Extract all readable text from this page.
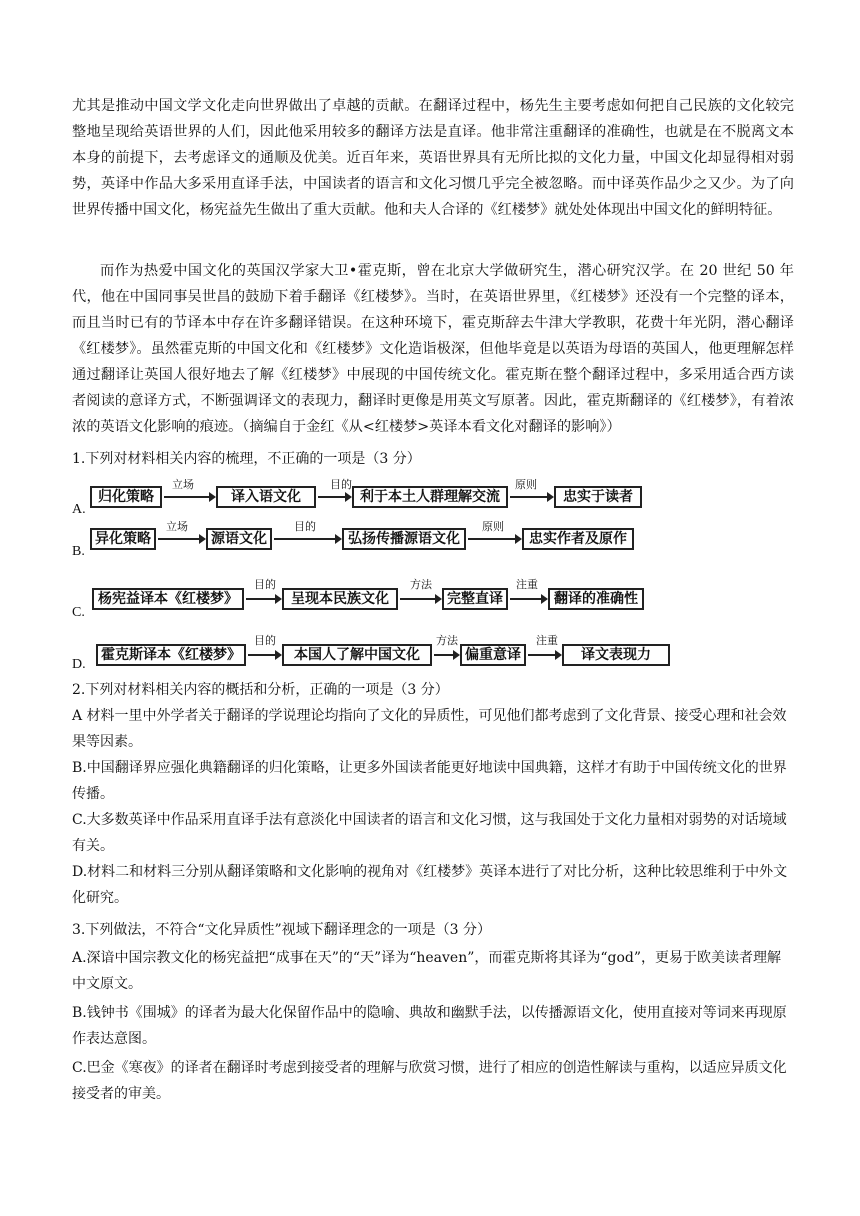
尤其是推动中国文学文化走向世界做出了卓越的贡献。在翻译过程中，杨先生主要考虑如何把自己民族的文化较完整地呈现给英语世界的人们，因此他采用较多的翻译方法是直译。他非常注重翻译的准确性，也就是在不脱离文本本身的前提下，去考虑译文的通顺及优美。近百年来，英语世界具有无所比拟的文化力量，中国文化却显得相对弱势，英译中作品大多采用直译手法，中国读者的语言和文化习惯几乎完全被忽略。而中译英作品少之又少。为了向世界传播中国文化，杨宪益先生做出了重大贡献。他和夫人合译的《红楼梦》就处处体现出中国文化的鲜明特征。
而作为热爱中国文化的英国汉学家大卫•霍克斯，曾在北京大学做研究生，潜心研究汉学。在 20 世纪 50 年代，他在中国同事吴世昌的鼓励下着手翻译《红楼梦》。当时，在英语世界里，《红楼梦》还没有一个完整的译本，而且当时已有的节译本中存在许多翻译错误。在这种环境下，霍克斯辞去牛津大学教职，花费十年光阴，潜心翻译《红楼梦》。虽然霍克斯的中国文化和《红楼梦》文化造诣极深，但他毕竟是以英语为母语的英国人，他更理解怎样通过翻译让英国人很好地去了解《红楼梦》中展现的中国传统文化。霍克斯在整个翻译过程中，多采用适合西方读者阅读的意译方式，不断强调译文的表现力，翻译时更像是用英文写原著。因此，霍克斯翻译的《红楼梦》，有着浓浓的英语文化影响的痕迹。（摘编自于金红《从<红楼梦>英译本看文化对翻译的影响》）
1.下列对材料相关内容的梳理，不正确的一项是（3 分）
A.
归化策略
立场
译入语文化
目的
利于本土人群理解交流
原则
忠实于读者
B.
异化策略
立场
源语文化
目的
弘扬传播源语文化
原则
忠实作者及原作
C.
杨宪益译本《红楼梦》
目的
呈现本民族文化
方法
完整直译
注重
翻译的准确性
D.
霍克斯译本《红楼梦》
目的
本国人了解中国文化
方法
偏重意译
注重
译文表现力
2.下列对材料相关内容的概括和分析，正确的一项是（3 分）
A 材料一里中外学者关于翻译的学说理论均指向了文化的异质性，可见他们都考虑到了文化背景、接受心理和社会效果等因素。
B.中国翻译界应强化典籍翻译的归化策略，让更多外国读者能更好地读中国典籍，这样才有助于中国传统文化的世界传播。
C.大多数英译中作品采用直译手法有意淡化中国读者的语言和文化习惯，这与我国处于文化力量相对弱势的对话境域有关。
D.材料二和材料三分别从翻译策略和文化影响的视角对《红楼梦》英译本进行了对比分析，这种比较思维利于中外文化研究。
3.下列做法，不符合“文化异质性”视域下翻译理念的一项是（3 分）
A.深谙中国宗教文化的杨宪益把“成事在天”的“天”译为“heaven”，而霍克斯将其译为“god”，更易于欧美读者理解中文原文。
B.钱钟书《围城》的译者为最大化保留作品中的隐喻、典故和幽默手法，以传播源语文化，使用直接对等词来再现原作表达意图。
C.巴金《寒夜》的译者在翻译时考虑到接受者的理解与欣赏习惯，进行了相应的创造性解读与重构，以适应异质文化接受者的审美。
